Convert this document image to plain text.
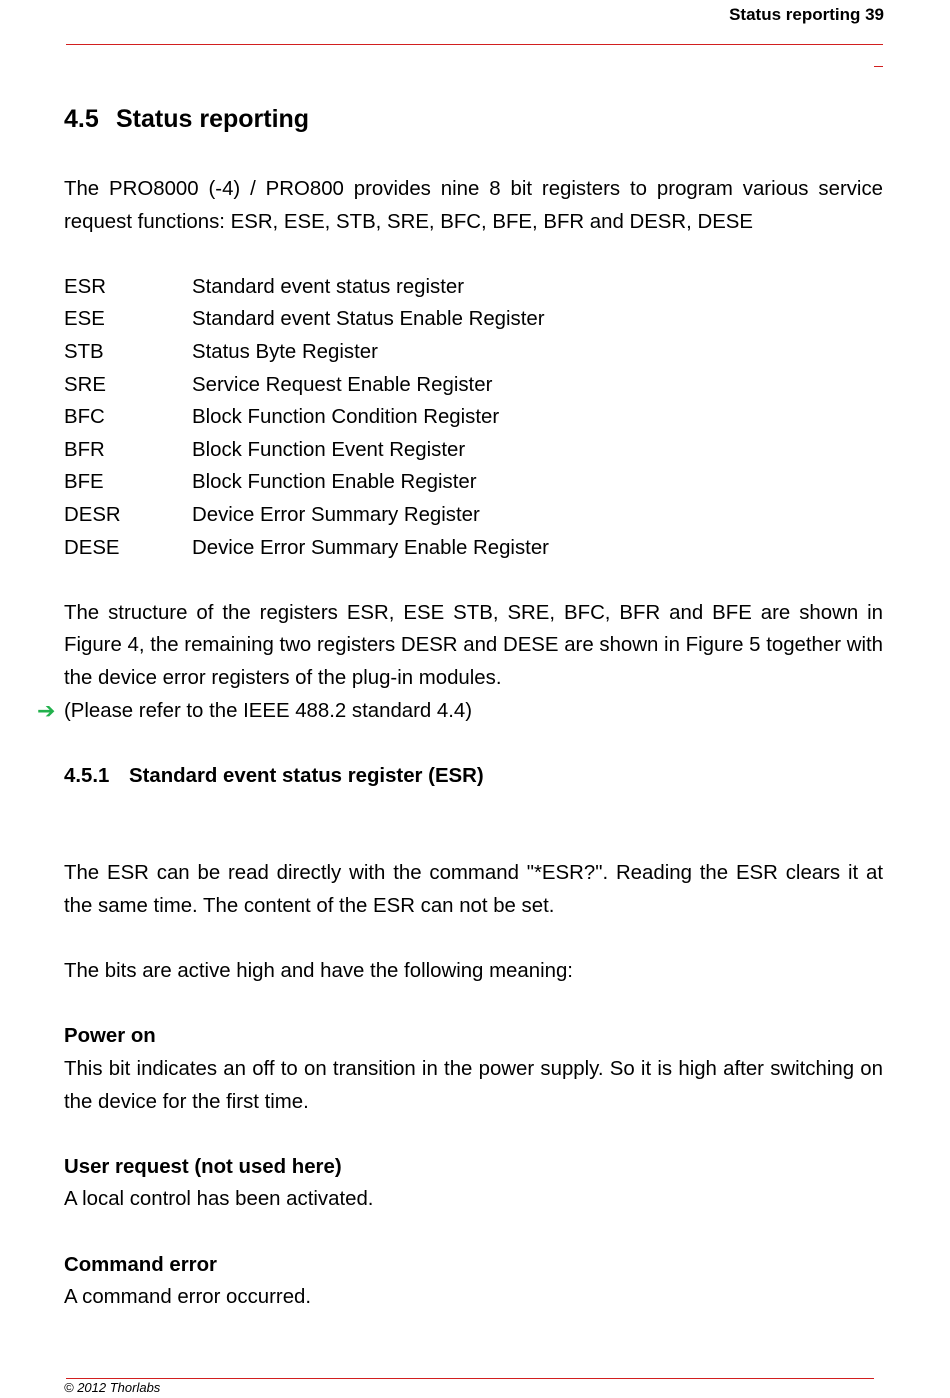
Status reporting 39
4.5 Status reporting

The PRO8000 (-4) / PRO800 provides nine 8 bit registers to program various service request functions: ESR, ESE, STB, SRE, BFC, BFE, BFR and DESR, DESE

ESR	Standard event status register
ESE	Standard event Status Enable Register
STB	Status Byte Register
SRE	Service Request Enable Register
BFC	Block Function Condition Register
BFR	Block Function Event Register
BFE	Block Function Enable Register
DESR	Device Error Summary Register
DESE	Device Error Summary Enable Register

The structure of the registers ESR, ESE STB, SRE, BFC, BFR and BFE are shown in Figure 4, the remaining two registers DESR and DESE are shown in Figure 5 together with the device error registers of the plug-in modules.

➔ (Please refer to the IEEE 488.2 standard 4.4)

4.5.1 Standard event status register (ESR)

The ESR can be read directly with the command "*ESR?". Reading the ESR clears it at the same time. The content of the ESR can not be set.

The bits are active high and have the following meaning:

Power on

This bit indicates an off to on transition in the power supply. So it is high after switching on the device for the first time.

User request (not used here)

A local control has been activated.

Command error

A command error occurred.

© 2012 Thorlabs
